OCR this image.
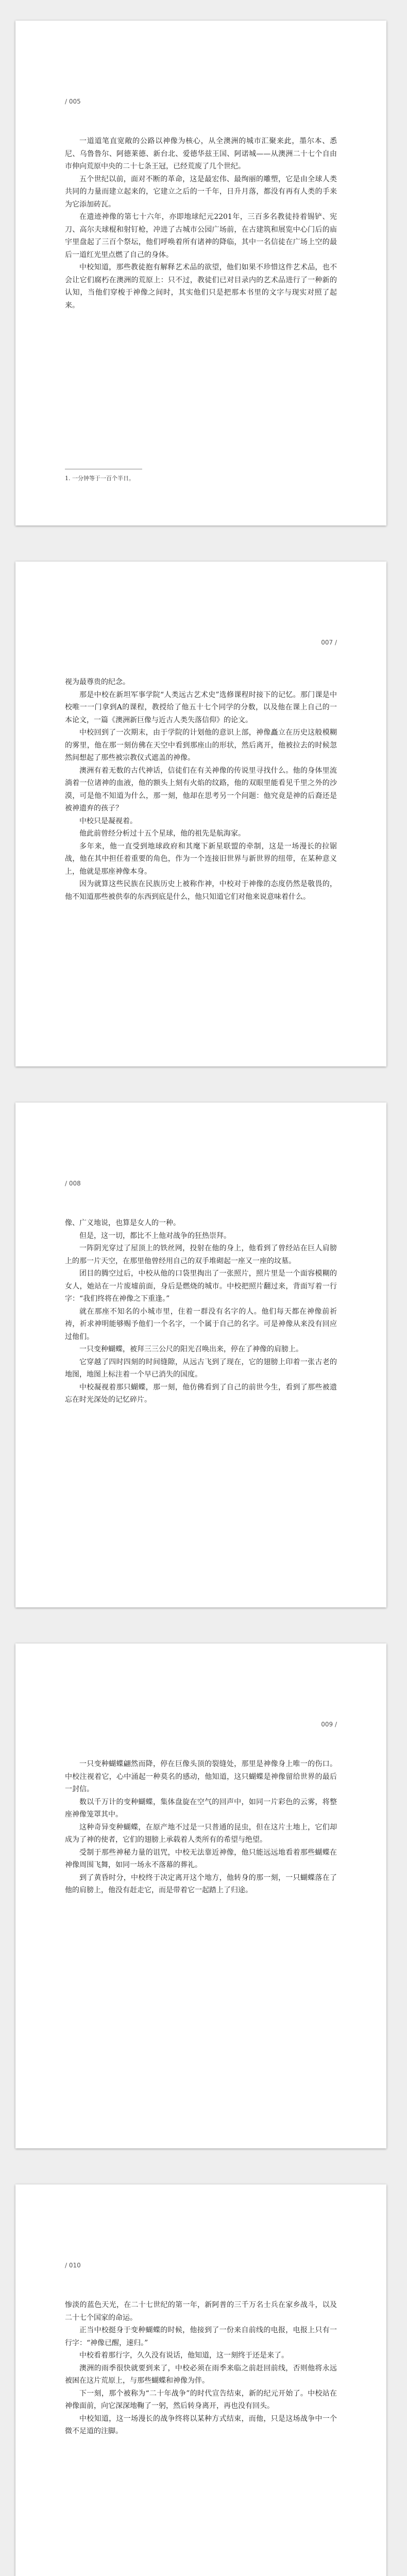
/ 005

一道道笔直宽敞的公路以神像为核心，从全澳洲的城市汇聚来此，墨尔本、悉尼、乌鲁鲁尔、阿德莱德、新台北、爱德华兹王国、阿诺城——从澳洲二十七个自由市伸向荒原中央的二十七条王冠，已经荒废了几个世纪。

五个世纪以前，面对不断的革命，这是最宏伟、最绚丽的雕塑，它是由全球人类共同的力量而建立起来的，它建立之后的一千年，日升月落，都没有再有人类的手来为它添加砖瓦。

在遗迹神像的第七十六年，亦即地球纪元2201年，三百多名教徒持着锡铲、宪刀、高尔夫球棍和射钉枪，冲进了古城市公园广场前，在古建筑和展览中心门后的庙宇里盘起了三百个祭坛，他们呼唤着所有诸神的降临，其中一名信徒在广场上空的最后一道红光里点燃了自己的身体。

中校知道，那些教徒抱有解释艺术品的欲望，他们如果不珍惜这件艺术品，也不会让它们腐朽在澳洲的荒原上：只不过，教徒们已对目录内的艺术品进行了一种新的认知，当他们穿梭于神像之间时，其实他们只是把那本书里的文字与现实对照了起来。

1. 一分钟等于一百个半日。
007 /

视为最尊贵的纪念。

那是中校在新坦军事学院“人类远古艺术史”选修课程时接下的记忆。那门课是中校唯一一门拿到A的课程，教授给了他五十七个同学的分数，以及他在课上自己的一本论文，一篇《澳洲新巨像与近古人类失落信仰》的论文。

中校回到了一次期末，由于学院的计划他的意识上部，神像矗立在历史这般模糊的雾里，他在那一刻仿佛在天空中看到那座山的形状，然后离开，他被拉去的时候忽然间想起了那些被宗教仪式遮盖的神像。

澳洲有着无数的古代神话，信徒们在有关神像的传说里寻找什么。他的身体里流淌着一位诸神的血液，他的额头上刻有火焰的纹路，他的双眼里能看见千里之外的沙漠，可是他不知道为什么，那一刻，他却在思考另一个问题：他究竟是神的后裔还是被神遗弃的孩子？

中校只是凝视着。

他此前曾经分析过十五个星球，他的祖先是航海家。

多年来，他一直受到地球政府和其麾下新星联盟的牵制，这是一场漫长的拉锯战，他在其中担任着重要的角色，作为一个连接旧世界与新世界的纽带，在某种意义上，他就是那座神像本身。

因为就算这些民族在民族历史上被称作神，中校对于神像的态度仍然是敬畏的，他不知道那些被供奉的东西到底是什么，他只知道它们对他来说意味着什么。

/ 008

像、广义地说，也算是女人的一种。

但是，这一切，都比不上他对战争的狂热崇拜。

一阵阴光穿过了屋顶上的铁丝网，投射在他的身上，他看到了曾经站在巨人肩膀上的那一片天空，在那里他曾经用自己的双手堆砌起一座又一座的坟墓。

团目的腾空过后，中校从他的口袋里掏出了一张照片，照片里是一个面容模糊的女人，她站在一片废墟前面，身后是燃烧的城市。中校把照片翻过来，背面写着一行字：“我们终将在神像之下重逢。”

就在那座不知名的小城市里，住着一群没有名字的人。他们每天都在神像前祈祷，祈求神明能够赐予他们一个名字，一个属于自己的名字。可是神像从来没有回应过他们。

一只变种蝴蝶，被拜三三公尺的阳光召唤出来，停在了神像的肩膀上。

它穿越了四时四刻的时间缝隙，从远古飞到了现在，它的翅膀上印着一张古老的地图，地图上标注着一个早已消失的国度。

中校凝视着那只蝴蝶，那一刻，他仿佛看到了自己的前世今生，看到了那些被遗忘在时光深处的记忆碎片。

009 /

一只变种蝴蝶翩然而降，停在巨像头顶的裂缝处，那里是神像身上唯一的伤口。中校注视着它，心中涌起一种莫名的感动，他知道，这只蝴蝶是神像留给世界的最后一封信。

数以千万计的变种蝴蝶，集体盘旋在空气的回声中，如同一片彩色的云雾，将整座神像笼罩其中。

这种奇异变种蝴蝶，在原产地不过是一只普通的昆虫，但在这片土地上，它们却成为了神的使者，它们的翅膀上承载着人类所有的希望与绝望。

受制于那些神秘力量的诅咒，中校无法靠近神像，他只能远远地看着那些蝴蝶在神像周围飞舞，如同一场永不落幕的葬礼。

到了黄昏时分，中校终于决定离开这个地方，他转身的那一刻，一只蝴蝶落在了他的肩膀上，他没有赶走它，而是带着它一起踏上了归途。

/ 010

惨淡的蓝色天光，在二十七世纪的第一年，新阿普的三千万名士兵在家乡战斗，以及二十七个国家的命运。

正当中校挺身于变种蝴蝶的时候，他接到了一份来自前线的电报，电报上只有一行字：“神像已醒，速归。”

中校看着那行字，久久没有说话，他知道，这一刻终于还是来了。

澳洲的雨季很快就要到来了，中校必须在雨季来临之前赶回前线，否则他将永远被困在这片荒原上，与那些蝴蝶和神像为伴。

下一刻，那个被称为“二十年战争”的时代宣告结束，新的纪元开始了。中校站在神像面前，向它深深地鞠了一躬，然后转身离开，再也没有回头。

中校知道，这一场漫长的战争终将以某种方式结束，而他，只是这场战争中一个微不足道的注脚。
